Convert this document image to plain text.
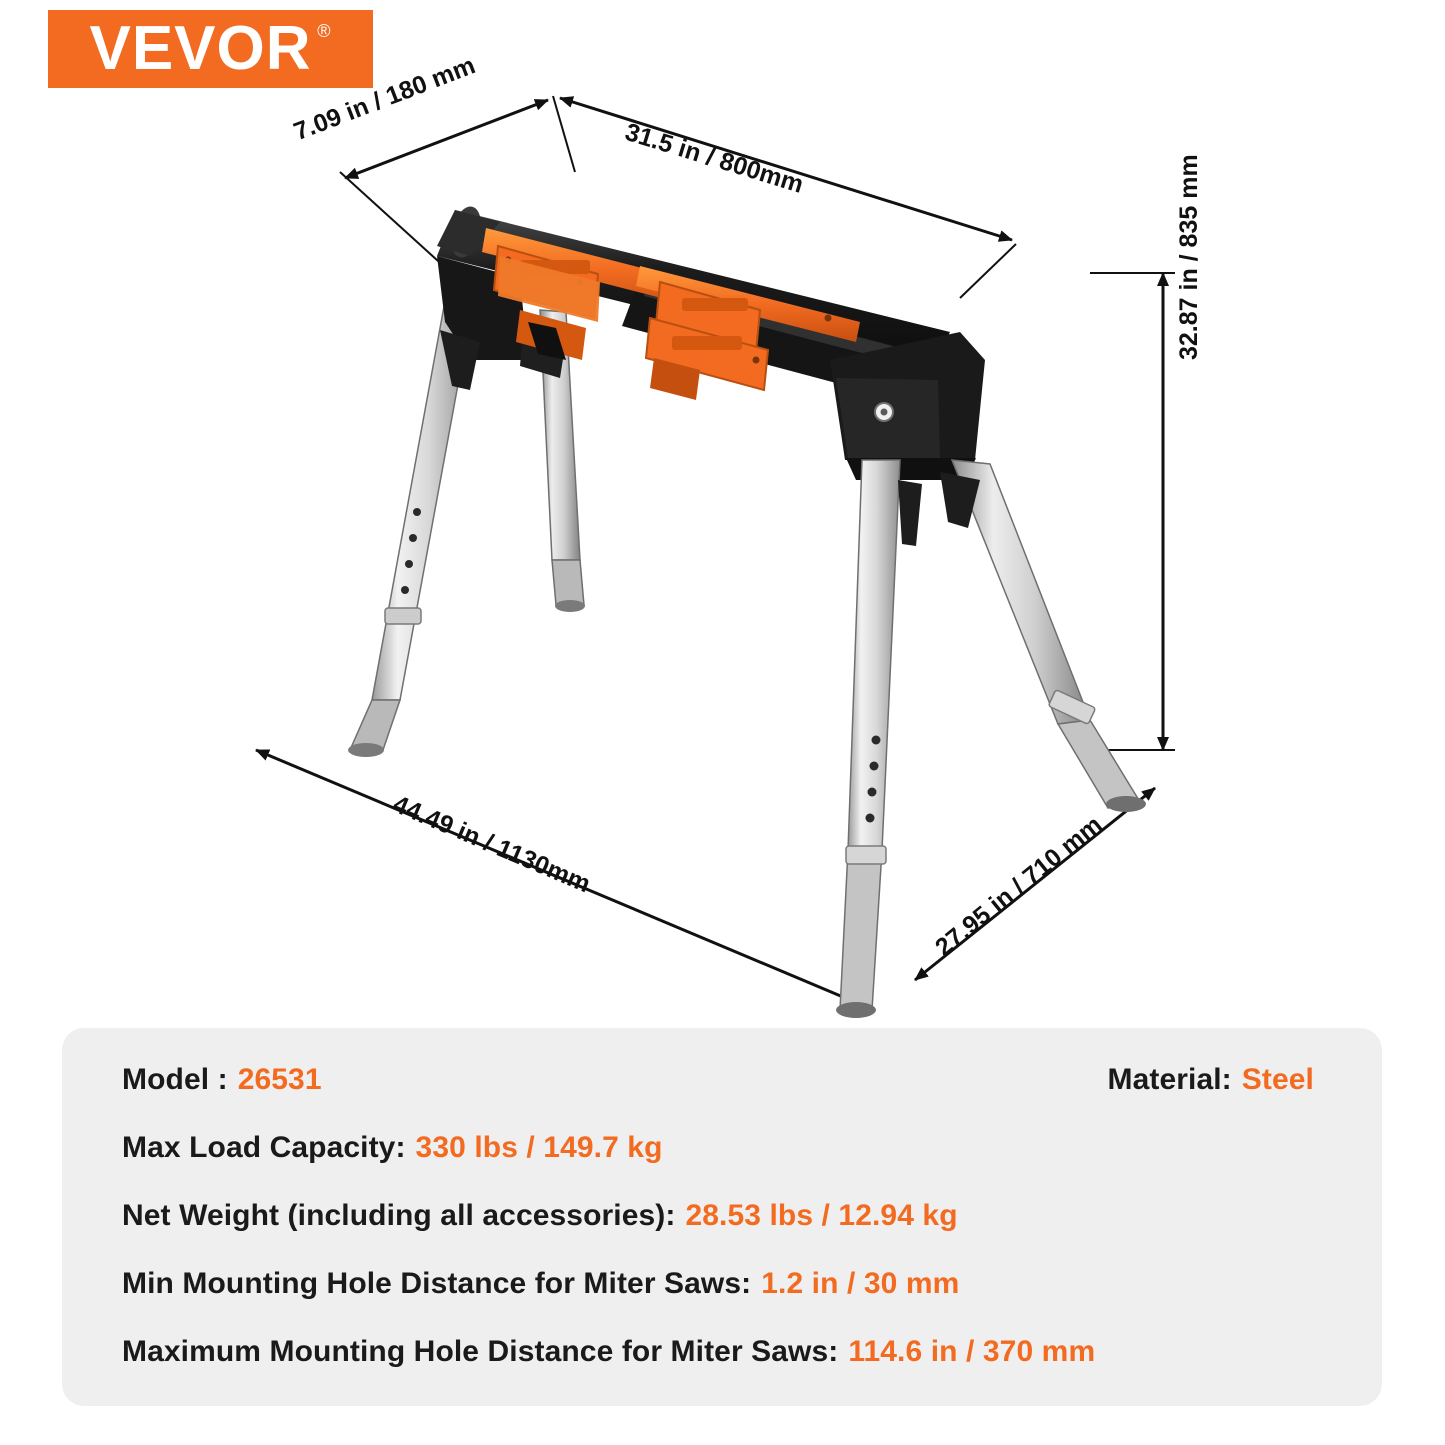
VEVOR ®
7.09 in / 180 mm
31.5 in / 800mm	32.87 in / 835 mm
44.49 in / 1130mm	27.95 in / 710 mm
Model : 26531	Material: Steel
Max Load Capacity: 330 lbs / 149.7 kg
Net Weight (including all accessories): 28.53 lbs / 12.94 kg
Min Mounting Hole Distance for Miter Saws: 1.2 in / 30 mm
Maximum Mounting Hole Distance for Miter Saws: 114.6 in / 370 mm
